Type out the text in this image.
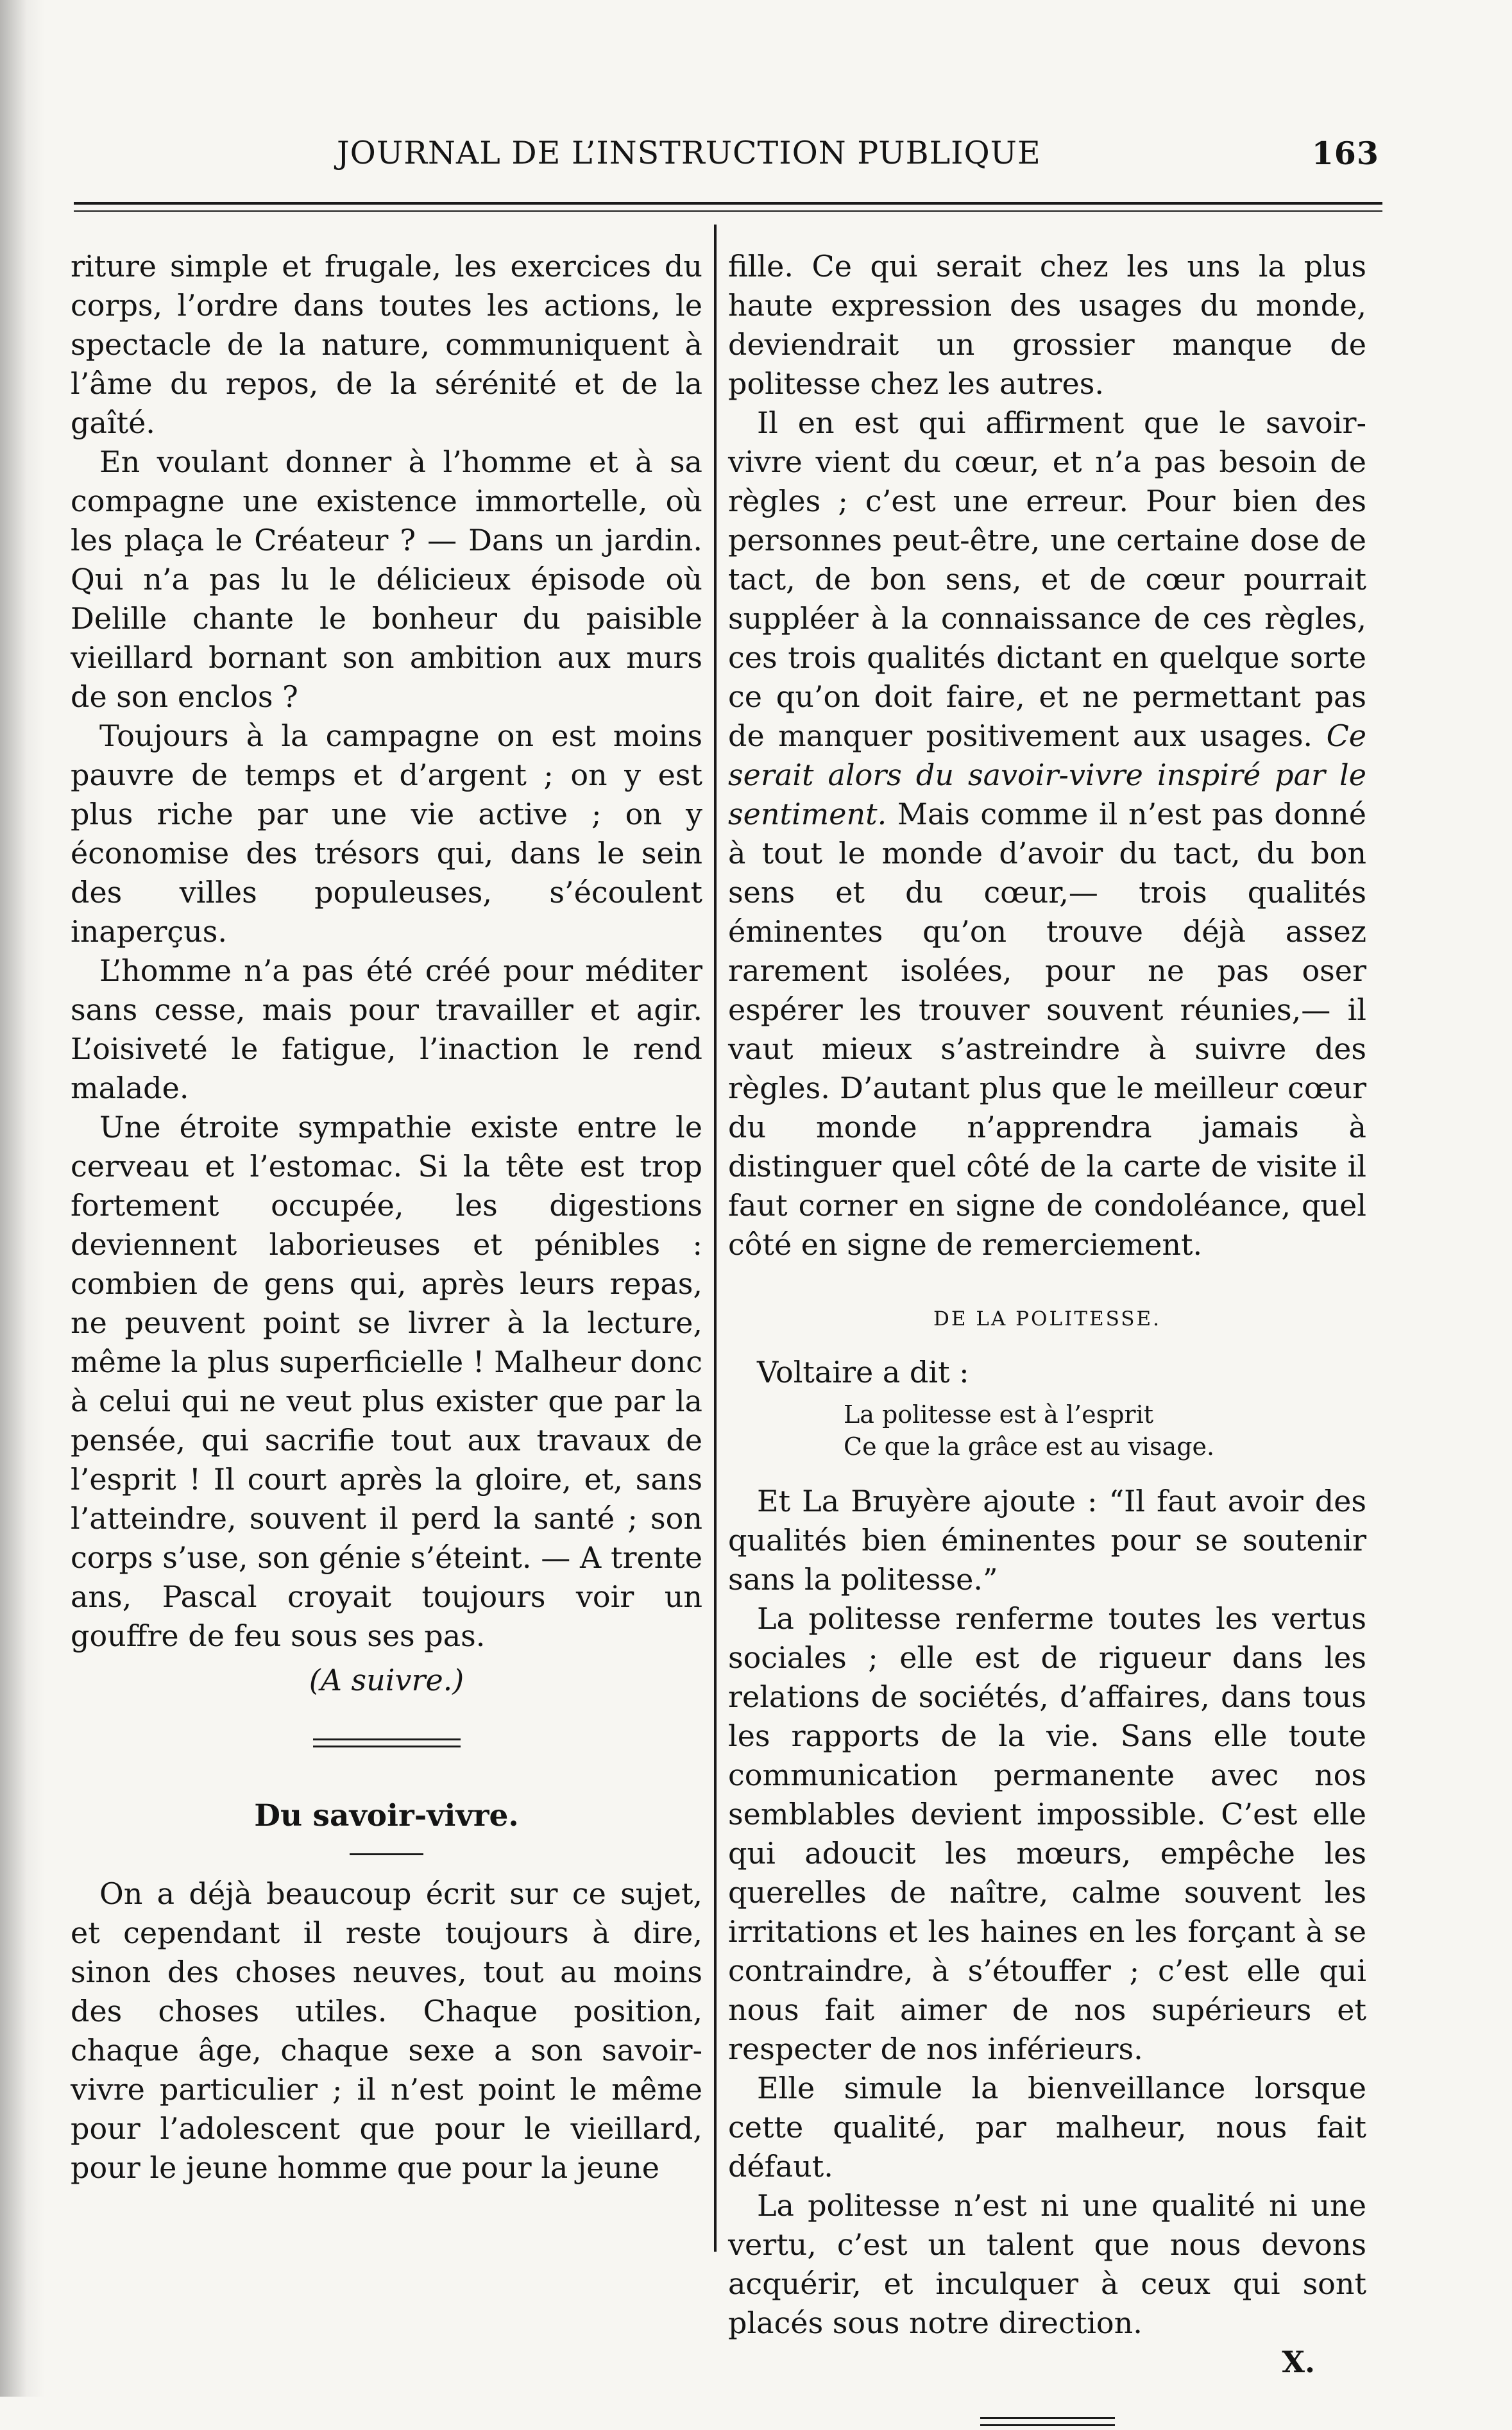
JOURNAL DE L’INSTRUCTION PUBLIQUE	163

riture simple et frugale, les exercices du corps, l’ordre dans toutes les actions, le spectacle de la nature, communiquent à l’âme du repos, de la sérénité et de la gaîté.

En voulant donner à l’homme et à sa compagne une existence immortelle, où les plaça le Créateur ? — Dans un jardin. Qui n’a pas lu le délicieux épisode où Delille chante le bonheur du paisible vieillard bornant son ambition aux murs de son enclos ?

Toujours à la campagne on est moins pauvre de temps et d’argent ; on y est plus riche par une vie active ; on y économise des trésors qui, dans le sein des villes populeuses, s’écoulent inaperçus.

L’homme n’a pas été créé pour méditer sans cesse, mais pour travailler et agir. L’oisiveté le fatigue, l’inaction le rend malade.

Une étroite sympathie existe entre le cerveau et l’estomac. Si la tête est trop fortement occupée, les digestions deviennent laborieuses et pénibles : combien de gens qui, après leurs repas, ne peuvent point se livrer à la lecture, même la plus superficielle ! Malheur donc à celui qui ne veut plus exister que par la pensée, qui sacrifie tout aux travaux de l’esprit ! Il court après la gloire, et, sans l’atteindre, souvent il perd la santé ; son corps s’use, son génie s’éteint. — A trente ans, Pascal croyait toujours voir un gouffre de feu sous ses pas.

(A suivre.)

Du savoir-vivre.

On a déjà beaucoup écrit sur ce sujet, et cependant il reste toujours à dire, sinon des choses neuves, tout au moins des choses utiles. Chaque position, chaque âge, chaque sexe a son savoir-vivre particulier ; il n’est point le même pour l’adolescent que pour le vieillard, pour le jeune homme que pour la jeune

fille. Ce qui serait chez les uns la plus haute expression des usages du monde, deviendrait un grossier manque de politesse chez les autres.

Il en est qui affirment que le savoir-vivre vient du cœur, et n’a pas besoin de règles ; c’est une erreur. Pour bien des personnes peut-être, une certaine dose de tact, de bon sens, et de cœur pourrait suppléer à la connaissance de ces règles, ces trois qualités dictant en quelque sorte ce qu’on doit faire, et ne permettant pas de manquer positivement aux usages. Ce serait alors du savoir-vivre inspiré par le sentiment. Mais comme il n’est pas donné à tout le monde d’avoir du tact, du bon sens et du cœur,— trois qualités éminentes qu’on trouve déjà assez rarement isolées, pour ne pas oser espérer les trouver souvent réunies,— il vaut mieux s’astreindre à suivre des règles. D’autant plus que le meilleur cœur du monde n’apprendra jamais à distinguer quel côté de la carte de visite il faut corner en signe de condoléance, quel côté en signe de remerciement.

DE LA POLITESSE.

Voltaire a dit :

La politesse est à l’esprit

Ce que la grâce est au visage.

Et La Bruyère ajoute : “Il faut avoir des qualités bien éminentes pour se soutenir sans la politesse.”

La politesse renferme toutes les vertus sociales ; elle est de rigueur dans les relations de sociétés, d’affaires, dans tous les rapports de la vie. Sans elle toute communication permanente avec nos semblables devient impossible. C’est elle qui adoucit les mœurs, empêche les querelles de naître, calme souvent les irritations et les haines en les forçant à se contraindre, à s’étouffer ; c’est elle qui nous fait aimer de nos supérieurs et respecter de nos inférieurs.

Elle simule la bienveillance lorsque cette qualité, par malheur, nous fait défaut.

La politesse n’est ni une qualité ni une vertu, c’est un talent que nous devons acquérir, et inculquer à ceux qui sont placés sous notre direction.

X.
